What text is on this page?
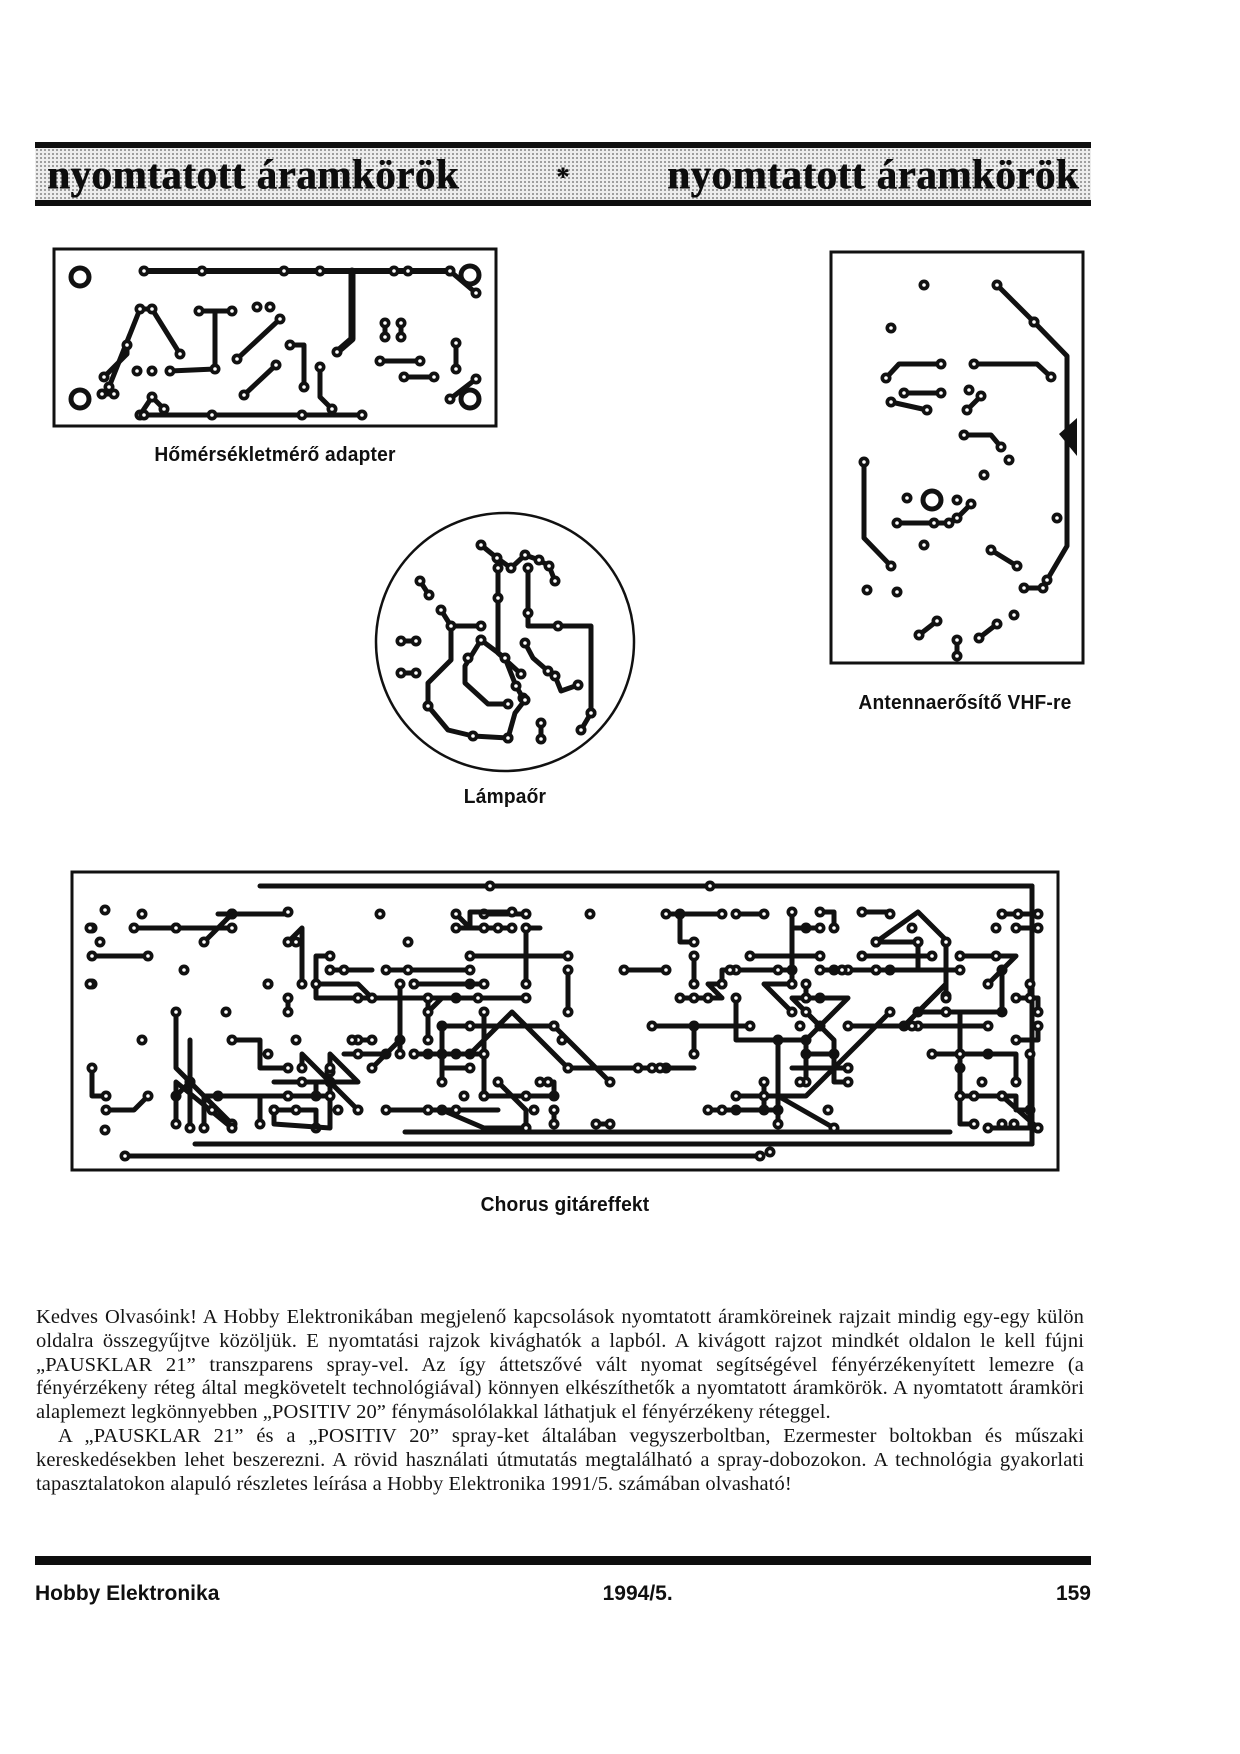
nyomtatott áramkörök	* nyomtatott áramkörök
Hőmérsékletmérő adapter
Antennaerősítő VHF-re
Lámpaőr
Chorus gitáreffekt

Kedves Olvasóink! A Hobby Elektronikában megjelenő kapcsolások nyomtatott áramköreinek rajzait mindig egy-egy külön oldalra összegyűjtve közöljük. E nyomtatási rajzok kivághatók a lapból. A kivágott rajzot mindkét oldalon le kell fújni „PAUSKLAR 21” transzparens spray-vel. Az így áttetszővé vált nyomat segítségével fényérzékenyített lemezre (a fényérzékeny réteg által megkövetelt technológiával) könnyen elkészíthetők a nyomtatott áramkörök. A nyomtatott áramköri alaplemezt legkönnyebben „POSITIV 20” fénymásolólakkal láthatjuk el fényérzékeny réteggel.

A „PAUSKLAR 21” és a „POSITIV 20” spray-ket általában vegyszerboltban, Ezermester boltokban és műszaki kereskedésekben lehet beszerezni. A rövid használati útmutatás megtalálható a spray-dobozokon. A technológia gyakorlati tapasztalatokon alapuló részletes leírása a Hobby Elektronika 1991/5. számában olvasható!

Hobby Elektronika	1994/5.	159
